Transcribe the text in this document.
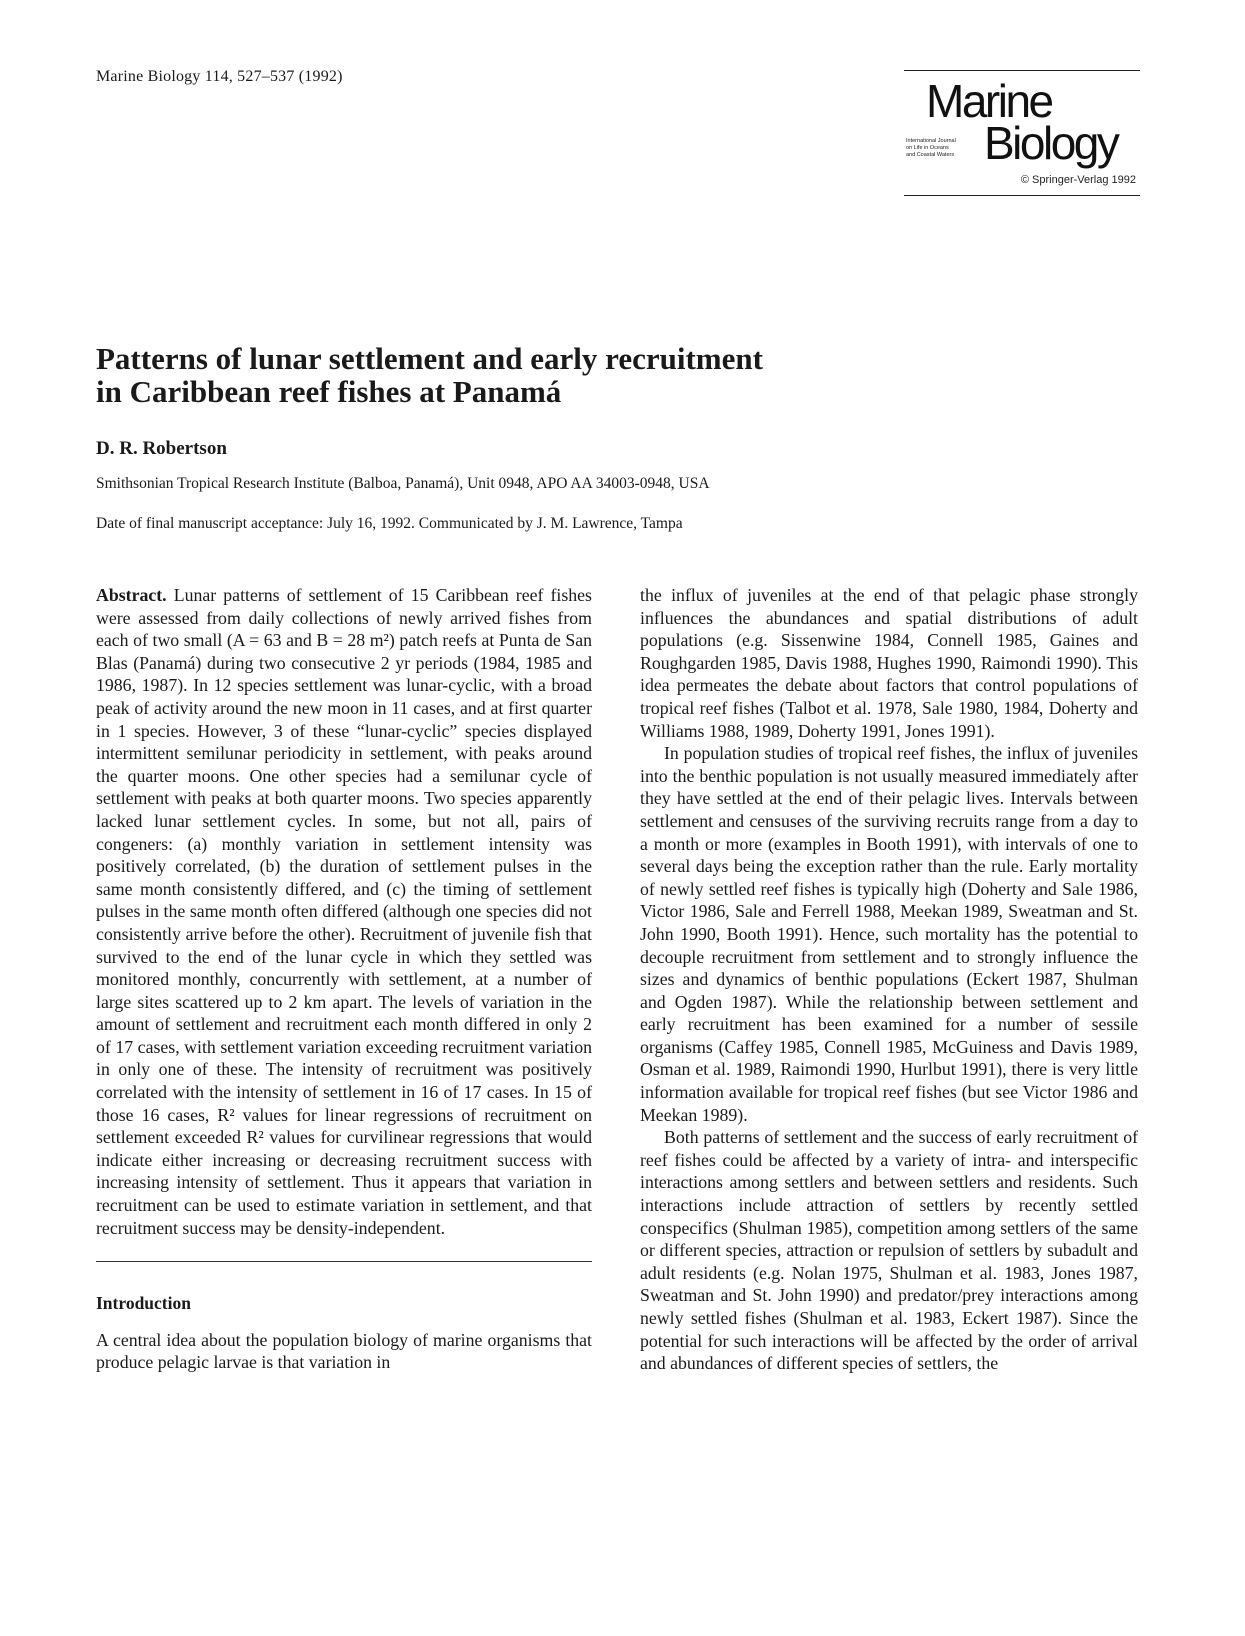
Marine Biology 114, 527–537 (1992)	Marine
International Journal
on Life in Oceans
and Coastal Waters Biology
© Springer-Verlag 1992
Patterns of lunar settlement and early recruitment
in Caribbean reef fishes at Panamá
D. R. Robertson
Smithsonian Tropical Research Institute (Balboa, Panamá), Unit 0948, APO AA 34003-0948, USA
Date of final manuscript acceptance: July 16, 1992. Communicated by J. M. Lawrence, Tampa

Abstract. Lunar patterns of settlement of 15 Caribbean reef fishes were assessed from daily collections of newly arrived fishes from each of two small (A = 63 and B = 28 m²) patch reefs at Punta de San Blas (Panamá) during two consecutive 2 yr periods (1984, 1985 and 1986, 1987). In 12 species settlement was lunar-cyclic, with a broad peak of activity around the new moon in 11 cases, and at first quarter in 1 species. However, 3 of these “lunar-cyclic” species displayed intermittent semilunar periodicity in settlement, with peaks around the quarter moons. One other species had a semilunar cycle of settlement with peaks at both quarter moons. Two species apparently lacked lunar settlement cycles. In some, but not all, pairs of congeners: (a) monthly variation in settlement intensity was positively correlated, (b) the duration of settlement pulses in the same month consistently differed, and (c) the timing of settlement pulses in the same month often differed (although one species did not consistently arrive before the other). Recruitment of juvenile fish that survived to the end of the lunar cycle in which they settled was monitored monthly, concurrently with settlement, at a number of large sites scattered up to 2 km apart. The levels of variation in the amount of settlement and recruitment each month differed in only 2 of 17 cases, with settlement variation exceeding recruitment variation in only one of these. The intensity of recruitment was positively correlated with the intensity of settlement in 16 of 17 cases. In 15 of those 16 cases, R² values for linear regressions of recruitment on settlement exceeded R² values for curvilinear regressions that would indicate either increasing or decreasing recruitment success with increasing intensity of settlement. Thus it appears that variation in recruitment can be used to estimate variation in settlement, and that recruitment success may be density-independent.

Introduction

A central idea about the population biology of marine organisms that produce pelagic larvae is that variation in

the influx of juveniles at the end of that pelagic phase strongly influences the abundances and spatial distributions of adult populations (e.g. Sissenwine 1984, Connell 1985, Gaines and Roughgarden 1985, Davis 1988, Hughes 1990, Raimondi 1990). This idea permeates the debate about factors that control populations of tropical reef fishes (Talbot et al. 1978, Sale 1980, 1984, Doherty and Williams 1988, 1989, Doherty 1991, Jones 1991).

In population studies of tropical reef fishes, the influx of juveniles into the benthic population is not usually measured immediately after they have settled at the end of their pelagic lives. Intervals between settlement and censuses of the surviving recruits range from a day to a month or more (examples in Booth 1991), with intervals of one to several days being the exception rather than the rule. Early mortality of newly settled reef fishes is typically high (Doherty and Sale 1986, Victor 1986, Sale and Ferrell 1988, Meekan 1989, Sweatman and St. John 1990, Booth 1991). Hence, such mortality has the potential to decouple recruitment from settlement and to strongly influence the sizes and dynamics of benthic populations (Eckert 1987, Shulman and Ogden 1987). While the relationship between settlement and early recruitment has been examined for a number of sessile organisms (Caffey 1985, Connell 1985, McGuiness and Davis 1989, Osman et al. 1989, Raimondi 1990, Hurlbut 1991), there is very little information available for tropical reef fishes (but see Victor 1986 and Meekan 1989).

Both patterns of settlement and the success of early recruitment of reef fishes could be affected by a variety of intra- and interspecific interactions among settlers and between settlers and residents. Such interactions include attraction of settlers by recently settled conspecifics (Shulman 1985), competition among settlers of the same or different species, attraction or repulsion of settlers by subadult and adult residents (e.g. Nolan 1975, Shulman et al. 1983, Jones 1987, Sweatman and St. John 1990) and predator/prey interactions among newly settled fishes (Shulman et al. 1983, Eckert 1987). Since the potential for such interactions will be affected by the order of arrival and abundances of different species of settlers, the
